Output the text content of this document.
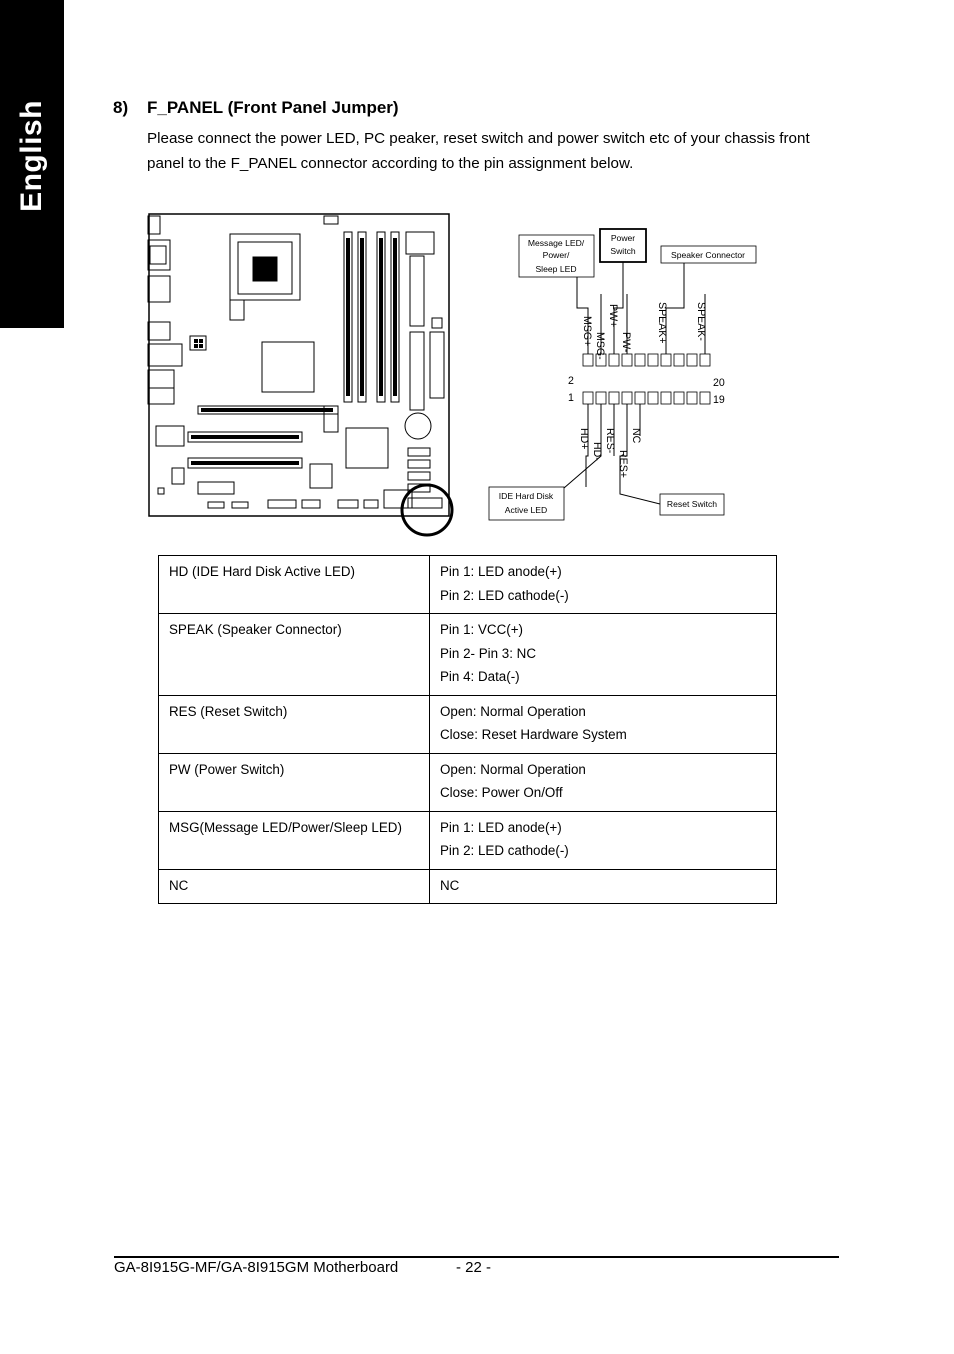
English	8) F_PANEL (Front Panel Jumper)
Please connect the power LED, PC peaker, reset switch and power switch etc of your chassis front panel to the F_PANEL connector according to the pin assignment below.
Message LED/
Power/
Sleep LED
Power
Switch	Speaker Connector
IDE Hard Disk
Active LED
Reset Switch
MSG+ MSG-
PW+
PW- SPEAK+	SPEAK-
HD+
HD- RES-
RES+
NC
2
1
20
19
HD (IDE Hard Disk Active LED)	Pin 1: LED anode(+)
Pin 2: LED cathode(-)

SPEAK (Speaker Connector)	Pin 1: VCC(+)
Pin 2- Pin 3: NC
Pin 4: Data(-)

RES (Reset Switch)	Open: Normal Operation
Close: Reset Hardware System

PW (Power Switch)	Open: Normal Operation
Close: Power On/Off

MSG(Message LED/Power/Sleep LED)	Pin 1: LED anode(+)
Pin 2: LED cathode(-)

NC	NC
GA-8I915G-MF/GA-8I915GM Motherboard	- 22 -
